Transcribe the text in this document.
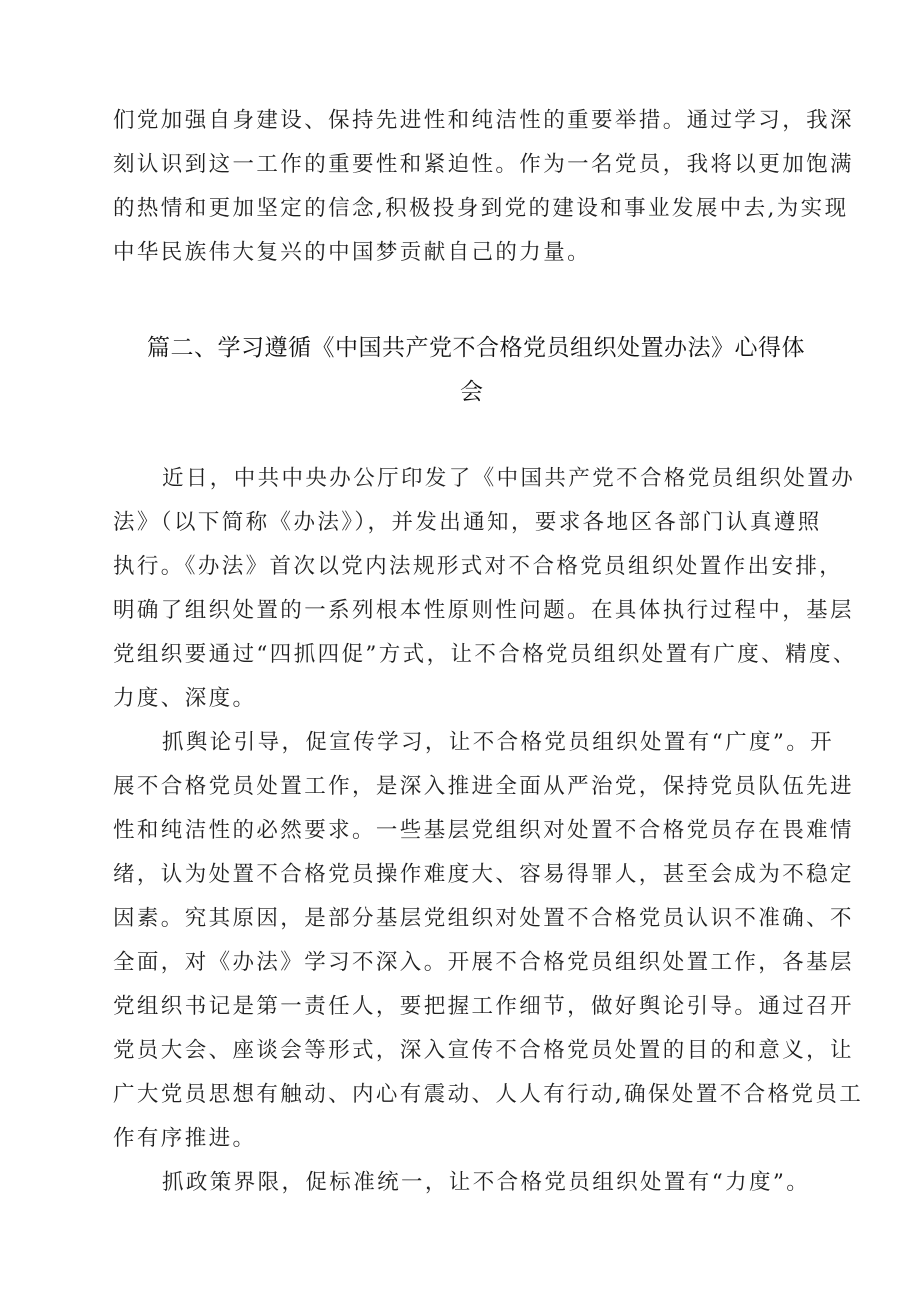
们党加强自身建设、保持先进性和纯洁性的重要举措。通过学习，我深
刻认识到这一工作的重要性和紧迫性。作为一名党员，我将以更加饱满
的热情和更加坚定的信念,积极投身到党的建设和事业发展中去,为实现
中华民族伟大复兴的中国梦贡献自己的力量。
篇二、学习遵循《中国共产党不合格党员组织处置办法》心得体
会
近日，中共中央办公厅印发了《中国共产党不合格党员组织处置办
法》（以下简称《办法》），并发出通知，要求各地区各部门认真遵照
执行。《办法》首次以党内法规形式对不合格党员组织处置作出安排，
明确了组织处置的一系列根本性原则性问题。在具体执行过程中，基层
党组织要通过“四抓四促”方式，让不合格党员组织处置有广度、精度、
力度、深度。
抓舆论引导，促宣传学习，让不合格党员组织处置有“广度”。开
展不合格党员处置工作，是深入推进全面从严治党，保持党员队伍先进
性和纯洁性的必然要求。一些基层党组织对处置不合格党员存在畏难情
绪，认为处置不合格党员操作难度大、容易得罪人，甚至会成为不稳定
因素。究其原因，是部分基层党组织对处置不合格党员认识不准确、不
全面，对《办法》学习不深入。开展不合格党员组织处置工作，各基层
党组织书记是第一责任人，要把握工作细节，做好舆论引导。通过召开
党员大会、座谈会等形式，深入宣传不合格党员处置的目的和意义，让
广大党员思想有触动、内心有震动、人人有行动,确保处置不合格党员工
作有序推进。
抓政策界限，促标准统一，让不合格党员组织处置有“力度”。
